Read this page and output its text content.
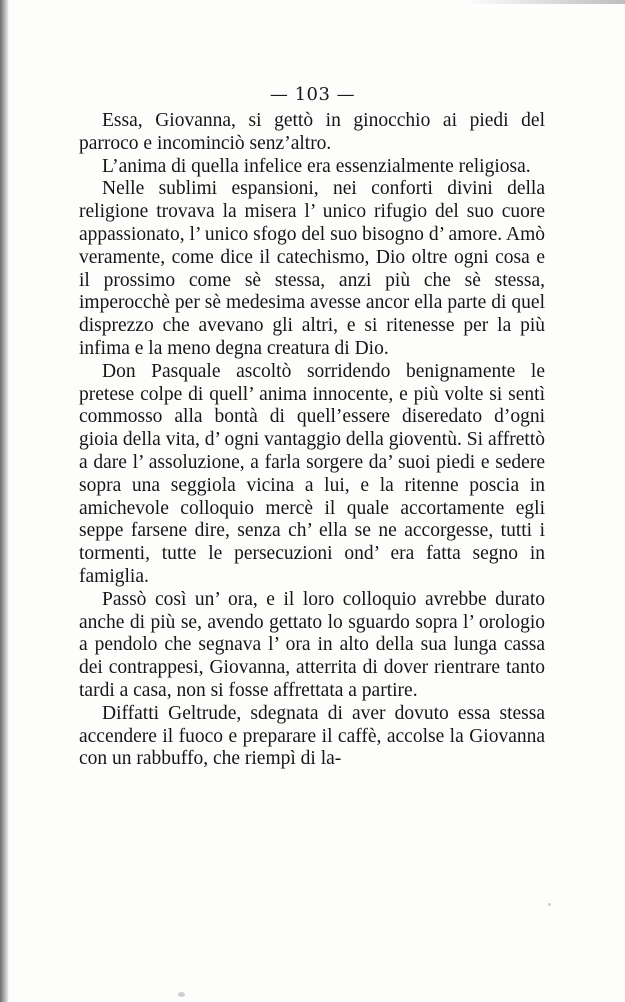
— 103 —

Essa, Giovanna, si gettò in ginocchio ai piedi del parroco e incominciò senz’altro.

L’anima di quella infelice era essenzialmente religiosa.

Nelle sublimi espansioni, nei conforti divini della religione trovava la misera l’ unico rifugio del suo cuore appassionato, l’ unico sfogo del suo bisogno d’ amore. Amò veramente, come dice il catechismo, Dio oltre ogni cosa e il prossimo come sè stessa, anzi più che sè stessa, imperocchè per sè medesima avesse ancor ella parte di quel disprezzo che avevano gli altri, e si ritenesse per la più infima e la meno degna creatura di Dio.

Don Pasquale ascoltò sorridendo benignamente le pretese colpe di quell’ anima innocente, e più volte si sentì commosso alla bontà di quell’essere diseredato d’ogni gioia della vita, d’ ogni vantaggio della gioventù. Si affrettò a dare l’ assoluzione, a farla sorgere da’ suoi piedi e sedere sopra una seggiola vicina a lui, e la ritenne poscia in amichevole colloquio mercè il quale accortamente egli seppe farsene dire, senza ch’ ella se ne accorgesse, tutti i tormenti, tutte le persecuzioni ond’ era fatta segno in famiglia.

Passò così un’ ora, e il loro colloquio avrebbe durato anche di più se, avendo gettato lo sguardo sopra l’ orologio a pendolo che segnava l’ ora in alto della sua lunga cassa dei contrappesi, Giovanna, atterrita di dover rientrare tanto tardi a casa, non si fosse affrettata a partire.

Diffatti Geltrude, sdegnata di aver dovuto essa stessa accendere il fuoco e preparare il caffè, accolse la Giovanna con un rabbuffo, che riempì di la-
